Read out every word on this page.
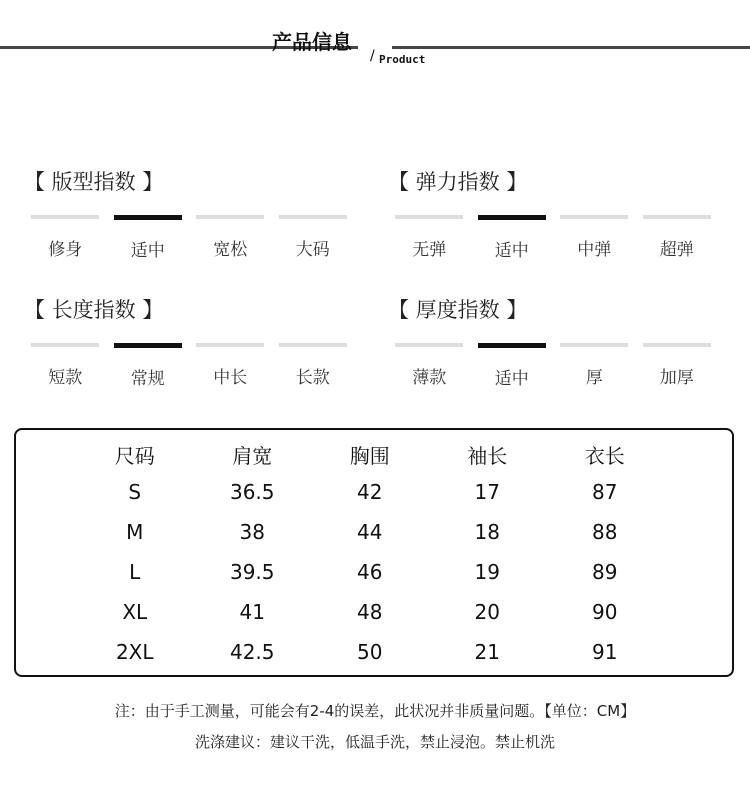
产品信息
/ Product
【 版型指数 】
修身	适中	宽松	大码
【 弹力指数 】
无弹	适中	中弹	超弹
【 长度指数 】
短款	常规	中长	长款
【 厚度指数 】
薄款	适中	厚	加厚
尺码	肩宽	胸围	袖长	衣长
S	36.5	42	17	87
M	38	44	18	88
L	39.5	46	19	89
XL	41	48	20	90
2XL	42.5	50	21	91
注：由于手工测量，可能会有2-4的误差，此状况并非质量问题。【单位：CM】
洗涤建议：建议干洗，低温手洗，禁止浸泡。禁止机洗
